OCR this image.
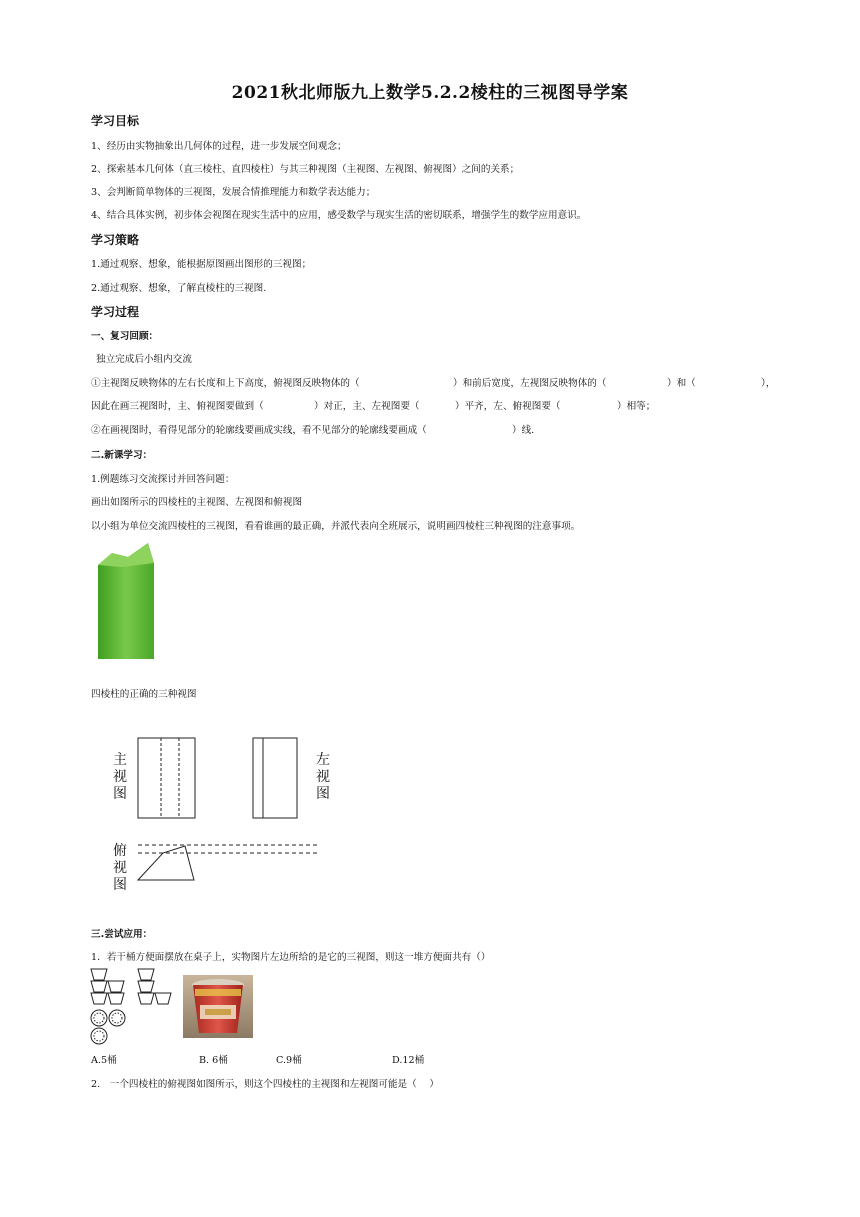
2021秋北师版九上数学5.2.2棱柱的三视图导学案
学习目标
1、经历由实物抽象出几何体的过程，进一步发展空间观念；
2、探索基本几何体（直三棱柱、直四棱柱）与其三种视图（主视图、左视图、俯视图）之间的关系；
3、会判断简单物体的三视图，发展合情推理能力和数学表达能力；
4、结合具体实例，初步体会视图在现实生活中的应用，感受数学与现实生活的密切联系，增强学生的数学应用意识。
学习策略
1.通过观察、想象，能根据原图画出图形的三视图；
2.通过观察、想象，了解直棱柱的三视图.
学习过程
一、复习回顾：
独立完成后小组内交流
①主视图反映物体的左右长度和上下高度，俯视图反映物体的（	）和前后宽度，左视图反映物体的（	）和（	），
因此在画三视图时，主、俯视图要做到（	）对正，主、左视图要（	）平齐，左、俯视图要（	）相等；
②在画视图时，看得见部分的轮廓线要画成实线，看不见部分的轮廓线要画成（	）线.
二.新课学习：
1.例题练习交流探讨并回答问题：
画出如图所示的四棱柱的主视图、左视图和俯视图
以小组为单位交流四棱柱的三视图，看看谁画的最正确，并派代表向全班展示，说明画四棱柱三种视图的注意事项。
四棱柱的正确的三种视图
主
视
图
左
视
图
俯
视
图
三.尝试应用：
1．若干桶方便面摆放在桌子上，实物图片左边所给的是它的三视图，则这一堆方便面共有（）
A.5桶	B. 6桶	C.9桶	D.12桶
2.　一个四棱柱的俯视图如图所示，则这个四棱柱的主视图和左视图可能是（　 ）
